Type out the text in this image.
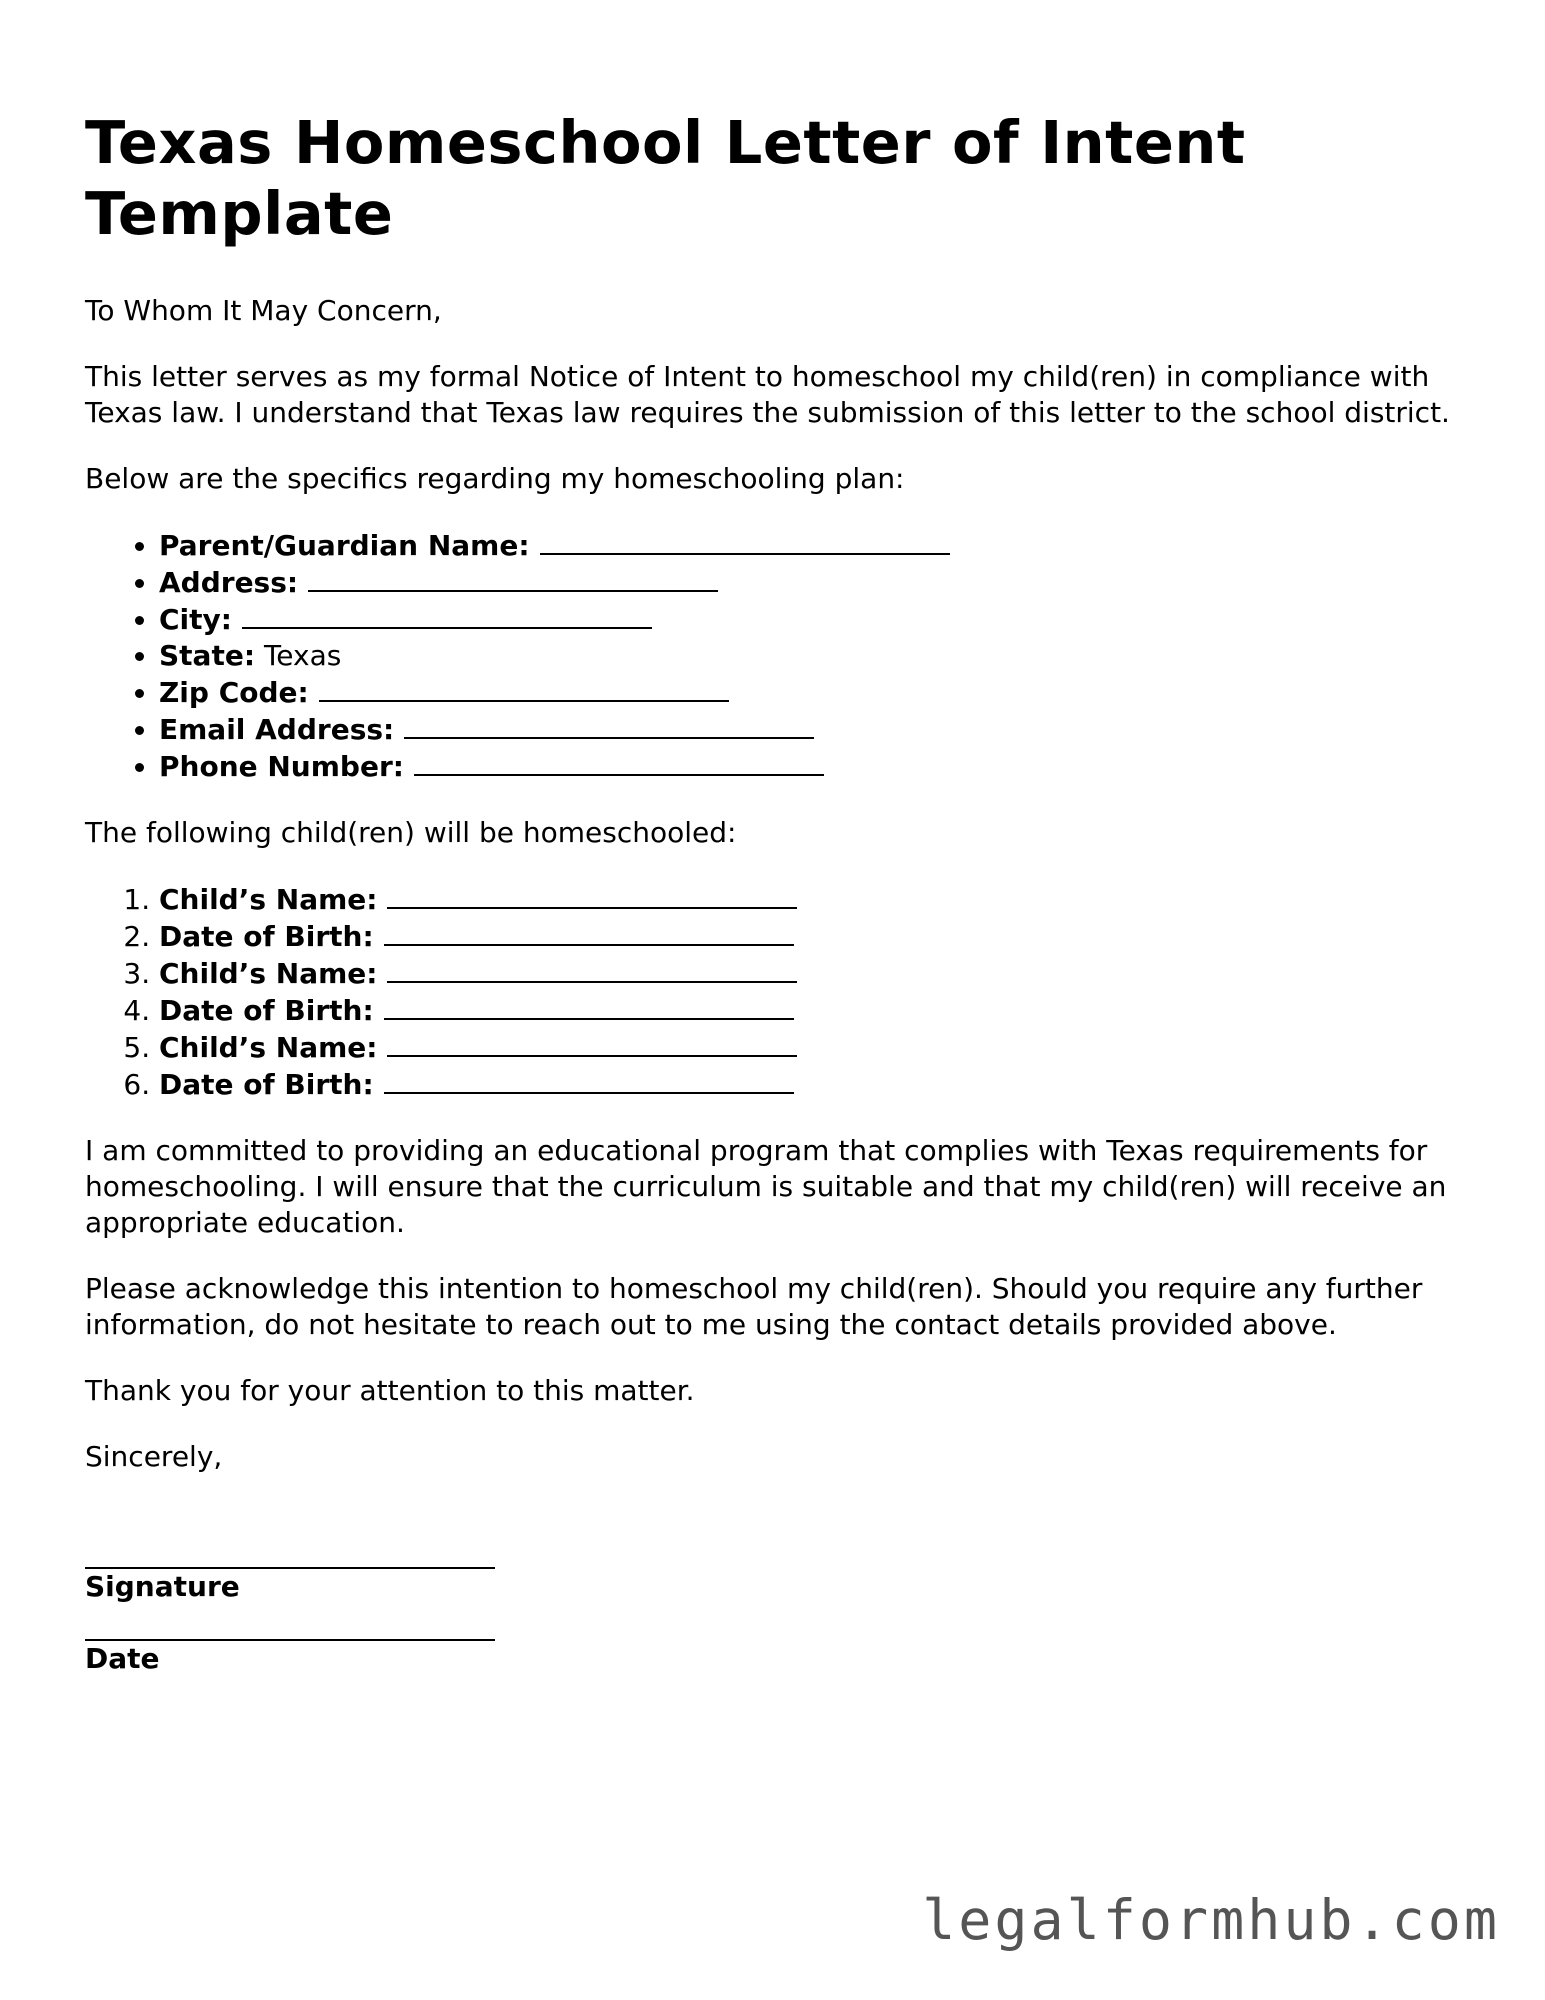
Texas Homeschool Letter of Intent Template

To Whom It May Concern,

This letter serves as my formal Notice of Intent to homeschool my child(ren) in compliance with Texas law. I understand that Texas law requires the submission of this letter to the school district.

Below are the specifics regarding my homeschooling plan:

• Parent/Guardian Name:
• Address:
• City:
• State: Texas
• Zip Code:
• Email Address:
• Phone Number:

The following child(ren) will be homeschooled:

1. Child’s Name:
2. Date of Birth:
3. Child’s Name:
4. Date of Birth:
5. Child’s Name:
6. Date of Birth:

I am committed to providing an educational program that complies with Texas requirements for homeschooling. I will ensure that the curriculum is suitable and that my child(ren) will receive an appropriate education.

Please acknowledge this intention to homeschool my child(ren). Should you require any further information, do not hesitate to reach out to me using the contact details provided above.

Thank you for your attention to this matter.

Sincerely,

Signature
Date
legalformhub.com
